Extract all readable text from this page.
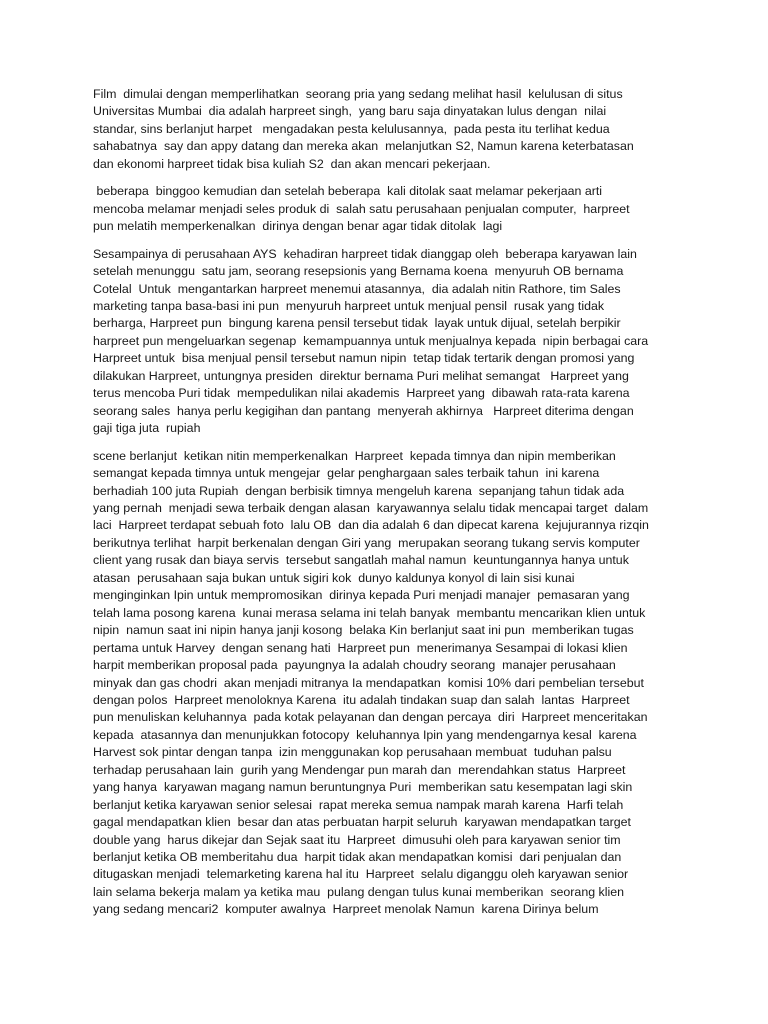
Film  dimulai dengan memperlihatkan  seorang pria yang sedang melihat hasil  kelulusan di situs
Universitas Mumbai  dia adalah harpreet singh,  yang baru saja dinyatakan lulus dengan  nilai
standar, sins berlanjut harpet   mengadakan pesta kelulusannya,  pada pesta itu terlihat kedua
sahabatnya  say dan appy datang dan mereka akan  melanjutkan S2, Namun karena keterbatasan
dan ekonomi harpreet tidak bisa kuliah S2  dan akan mencari pekerjaan.

beberapa  binggoo kemudian dan setelah beberapa  kali ditolak saat melamar pekerjaan arti
mencoba melamar menjadi seles produk di  salah satu perusahaan penjualan computer,  harpreet
pun melatih memperkenalkan  dirinya dengan benar agar tidak ditolak  lagi

Sesampainya di perusahaan AYS  kehadiran harpreet tidak dianggap oleh  beberapa karyawan lain
setelah menunggu  satu jam, seorang resepsionis yang Bernama koena  menyuruh OB bernama
Cotelal  Untuk  mengantarkan harpreet menemui atasannya,  dia adalah nitin Rathore, tim Sales
marketing tanpa basa-basi ini pun  menyuruh harpreet untuk menjual pensil  rusak yang tidak
berharga, Harpreet pun  bingung karena pensil tersebut tidak  layak untuk dijual, setelah berpikir
harpreet pun mengeluarkan segenap  kemampuannya untuk menjualnya kepada  nipin berbagai cara
Harpreet untuk  bisa menjual pensil tersebut namun nipin  tetap tidak tertarik dengan promosi yang
dilakukan Harpreet, untungnya presiden  direktur bernama Puri melihat semangat   Harpreet yang
terus mencoba Puri tidak  mempedulikan nilai akademis  Harpreet yang  dibawah rata-rata karena
seorang sales  hanya perlu kegigihan dan pantang  menyerah akhirnya   Harpreet diterima dengan
gaji tiga juta  rupiah

scene berlanjut  ketikan nitin memperkenalkan  Harpreet  kepada timnya dan nipin memberikan
semangat kepada timnya untuk mengejar  gelar penghargaan sales terbaik tahun  ini karena
berhadiah 100 juta Rupiah  dengan berbisik timnya mengeluh karena  sepanjang tahun tidak ada
yang pernah  menjadi sewa terbaik dengan alasan  karyawannya selalu tidak mencapai target  dalam
laci  Harpreet terdapat sebuah foto  lalu OB  dan dia adalah 6 dan dipecat karena  kejujurannya rizqin
berikutnya terlihat  harpit berkenalan dengan Giri yang  merupakan seorang tukang servis komputer
client yang rusak dan biaya servis  tersebut sangatlah mahal namun  keuntungannya hanya untuk
atasan  perusahaan saja bukan untuk sigiri kok  dunyo kaldunya konyol di lain sisi kunai
menginginkan Ipin untuk mempromosikan  dirinya kepada Puri menjadi manajer  pemasaran yang
telah lama posong karena  kunai merasa selama ini telah banyak  membantu mencarikan klien untuk
nipin  namun saat ini nipin hanya janji kosong  belaka Kin berlanjut saat ini pun  memberikan tugas
pertama untuk Harvey  dengan senang hati  Harpreet pun  menerimanya Sesampai di lokasi klien
harpit memberikan proposal pada  payungnya Ia adalah choudry seorang  manajer perusahaan
minyak dan gas chodri  akan menjadi mitranya Ia mendapatkan  komisi 10% dari pembelian tersebut
dengan polos  Harpreet menoloknya Karena  itu adalah tindakan suap dan salah  lantas  Harpreet
pun menuliskan keluhannya  pada kotak pelayanan dan dengan percaya  diri  Harpreet menceritakan
kepada  atasannya dan menunjukkan fotocopy  keluhannya Ipin yang mendengarnya kesal  karena
Harvest sok pintar dengan tanpa  izin menggunakan kop perusahaan membuat  tuduhan palsu
terhadap perusahaan lain  gurih yang Mendengar pun marah dan  merendahkan status  Harpreet
yang hanya  karyawan magang namun beruntungnya Puri  memberikan satu kesempatan lagi skin
berlanjut ketika karyawan senior selesai  rapat mereka semua nampak marah karena  Harfi telah
gagal mendapatkan klien  besar dan atas perbuatan harpit seluruh  karyawan mendapatkan target
double yang  harus dikejar dan Sejak saat itu  Harpreet  dimusuhi oleh para karyawan senior tim
berlanjut ketika OB memberitahu dua  harpit tidak akan mendapatkan komisi  dari penjualan dan
ditugaskan menjadi  telemarketing karena hal itu  Harpreet  selalu diganggu oleh karyawan senior
lain selama bekerja malam ya ketika mau  pulang dengan tulus kunai memberikan  seorang klien
yang sedang mencari2  komputer awalnya  Harpreet menolak Namun  karena Dirinya belum
